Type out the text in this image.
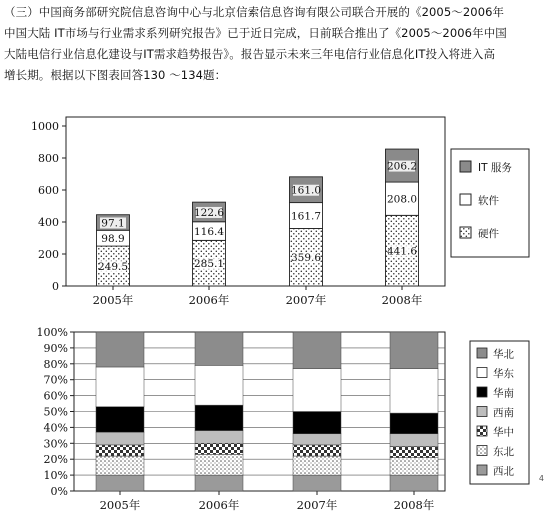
（三）中国商务部研究院信息咨询中心与北京信索信息咨询有限公司联合开展的《2005～2006年

中国大陆 IT市场与行业需求系列研究报告》已于近日完成，日前联合推出了《2005～2006年中国

大陆电信行业信息化建设与IT需求趋势报告》。报告显示未来三年电信行业信息化IT投入将进入高

增长期。根据以下图表回答130 ～134题：

0
200
400
600
800
1000
249.5
98.9
97.1
2005年
285.1
116.4
122.6
2006年
359.6
161.7
161.0
2007年
441.6
208.0
206.2
2008年
IT 服务
软件
硬件
0%
10%
20%
30%
40%
50%
60%
70%
80%
90%
100%
2005年	2006年	2007年	2008年
华北
华东
华南
西南
华中
东北
西北
4
